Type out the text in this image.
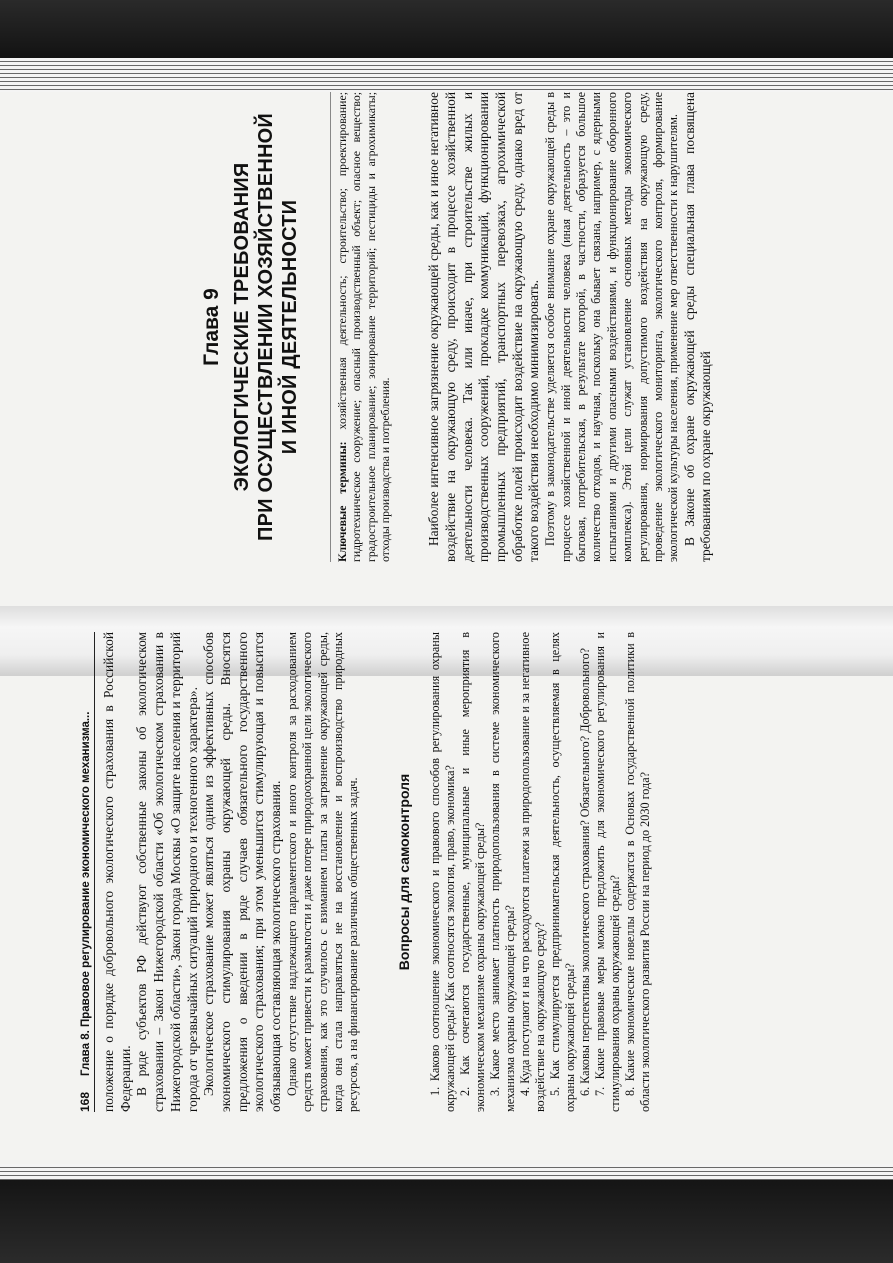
168
Глава 8. Правовое регулирование экономического механизма... положение о порядке добровольного экологического страхования в Российской Федерации. В ряде субъектов РФ действуют собственные законы об экологическом страховании – Закон Нижегородской области «Об экологическом страховании в Нижегородской области», Закон города Москвы «О защите населения и территорий города от чрезвычайных ситуаций природного и техногенного характера». Экологическое страхование может являться одним из эффективных способов экономического стимулирования охраны окружающей среды. Вносятся предложения о введении в ряде случаев обязательного государственного экологического страхования; при этом уменьшится стимулирующая и повысится обязывающая составляющая экологического страхования. Однако отсутствие надлежащего парламентского и иного контроля за расходованием средств может привести к размытости и даже потере природоохранной цели экологического страхования, как это случилось с взиманием платы за загрязнение окружающей среды, когда она стала направляться не на восстановление и воспроизводство природных ресурсов, а на финансирование различных общественных задач.	Вопросы для самоконтроля 1. Каково соотношение экономического и правового способов регулирования охраны окружающей среды? Как соотносятся экология, право, экономика? 2. Как сочетаются государственные, муниципальные и иные мероприятия в экономическом механизме охраны окружающей среды? 3. Какое место занимает платность природопользования в системе экономического механизма охраны окружающей среды? 4. Куда поступают и на что расходуются платежи за природопользование и за негативное воздействие на окружающую среду? 5. Как стимулируется предпринимательская деятельность, осуществляемая в целях охраны окружающей среды? 6. Каковы перспективы экологического страхования? Обязательного? Добровольного? 7. Какие правовые меры можно предложить для экономического регулирования и стимулирования охраны окружающей среды? 8. Какие экономические новеллы содержатся в Основах государственной политики в области экологического развития России на период до 2030 года?
Глава 9 ЭКОЛОГИЧЕСКИЕ ТРЕБОВАНИЯ ПРИ ОСУЩЕСТВЛЕНИИ ХОЗЯЙСТВЕННОЙ И ИНОЙ ДЕЯТЕЛЬНОСТИ

Ключевые термины: хозяйственная деятельность; строительство; проектирование; гидротехническое сооружение; опасный производственный объект; опасное вещество; градостроительное планирование; зонирование территорий; пестициды и агрохимикаты; отходы производства и потребления.	Наиболее интенсивное загрязнение окружающей среды, как и иное негативное воздействие на окружающую среду, происходит в процессе хозяйственной деятельности человека. Так или иначе, при строительстве жилых и производственных сооружений, прокладке коммуникаций, функционировании промышленных предприятий, транспортных перевозках, агрохимической обработке полей происходит воздействие на окружающую среду, однако вред от такого воздействия необходимо минимизировать. Поэтому в законодательстве уделяется особое внимание охране окружающей среды в процессе хозяйственной и иной деятельности человека (иная деятельность – это и бытовая, потребительская, в результате которой, в частности, образуется большое количество отходов, и научная, поскольку она бывает связана, например, с ядерными испытаниями и другими опасными воздействиями, и функционирование оборонного комплекса). Этой цели служат установление основных методы экономического регулирования, нормирования допустимого воздействия на окружающую среду, проведение экологического мониторинга, экологического контроля, формирование экологической культуры населения, применение мер ответственности к нарушителям. В Законе об охране окружающей среды специальная глава посвящена требованиям по охране окружающей
